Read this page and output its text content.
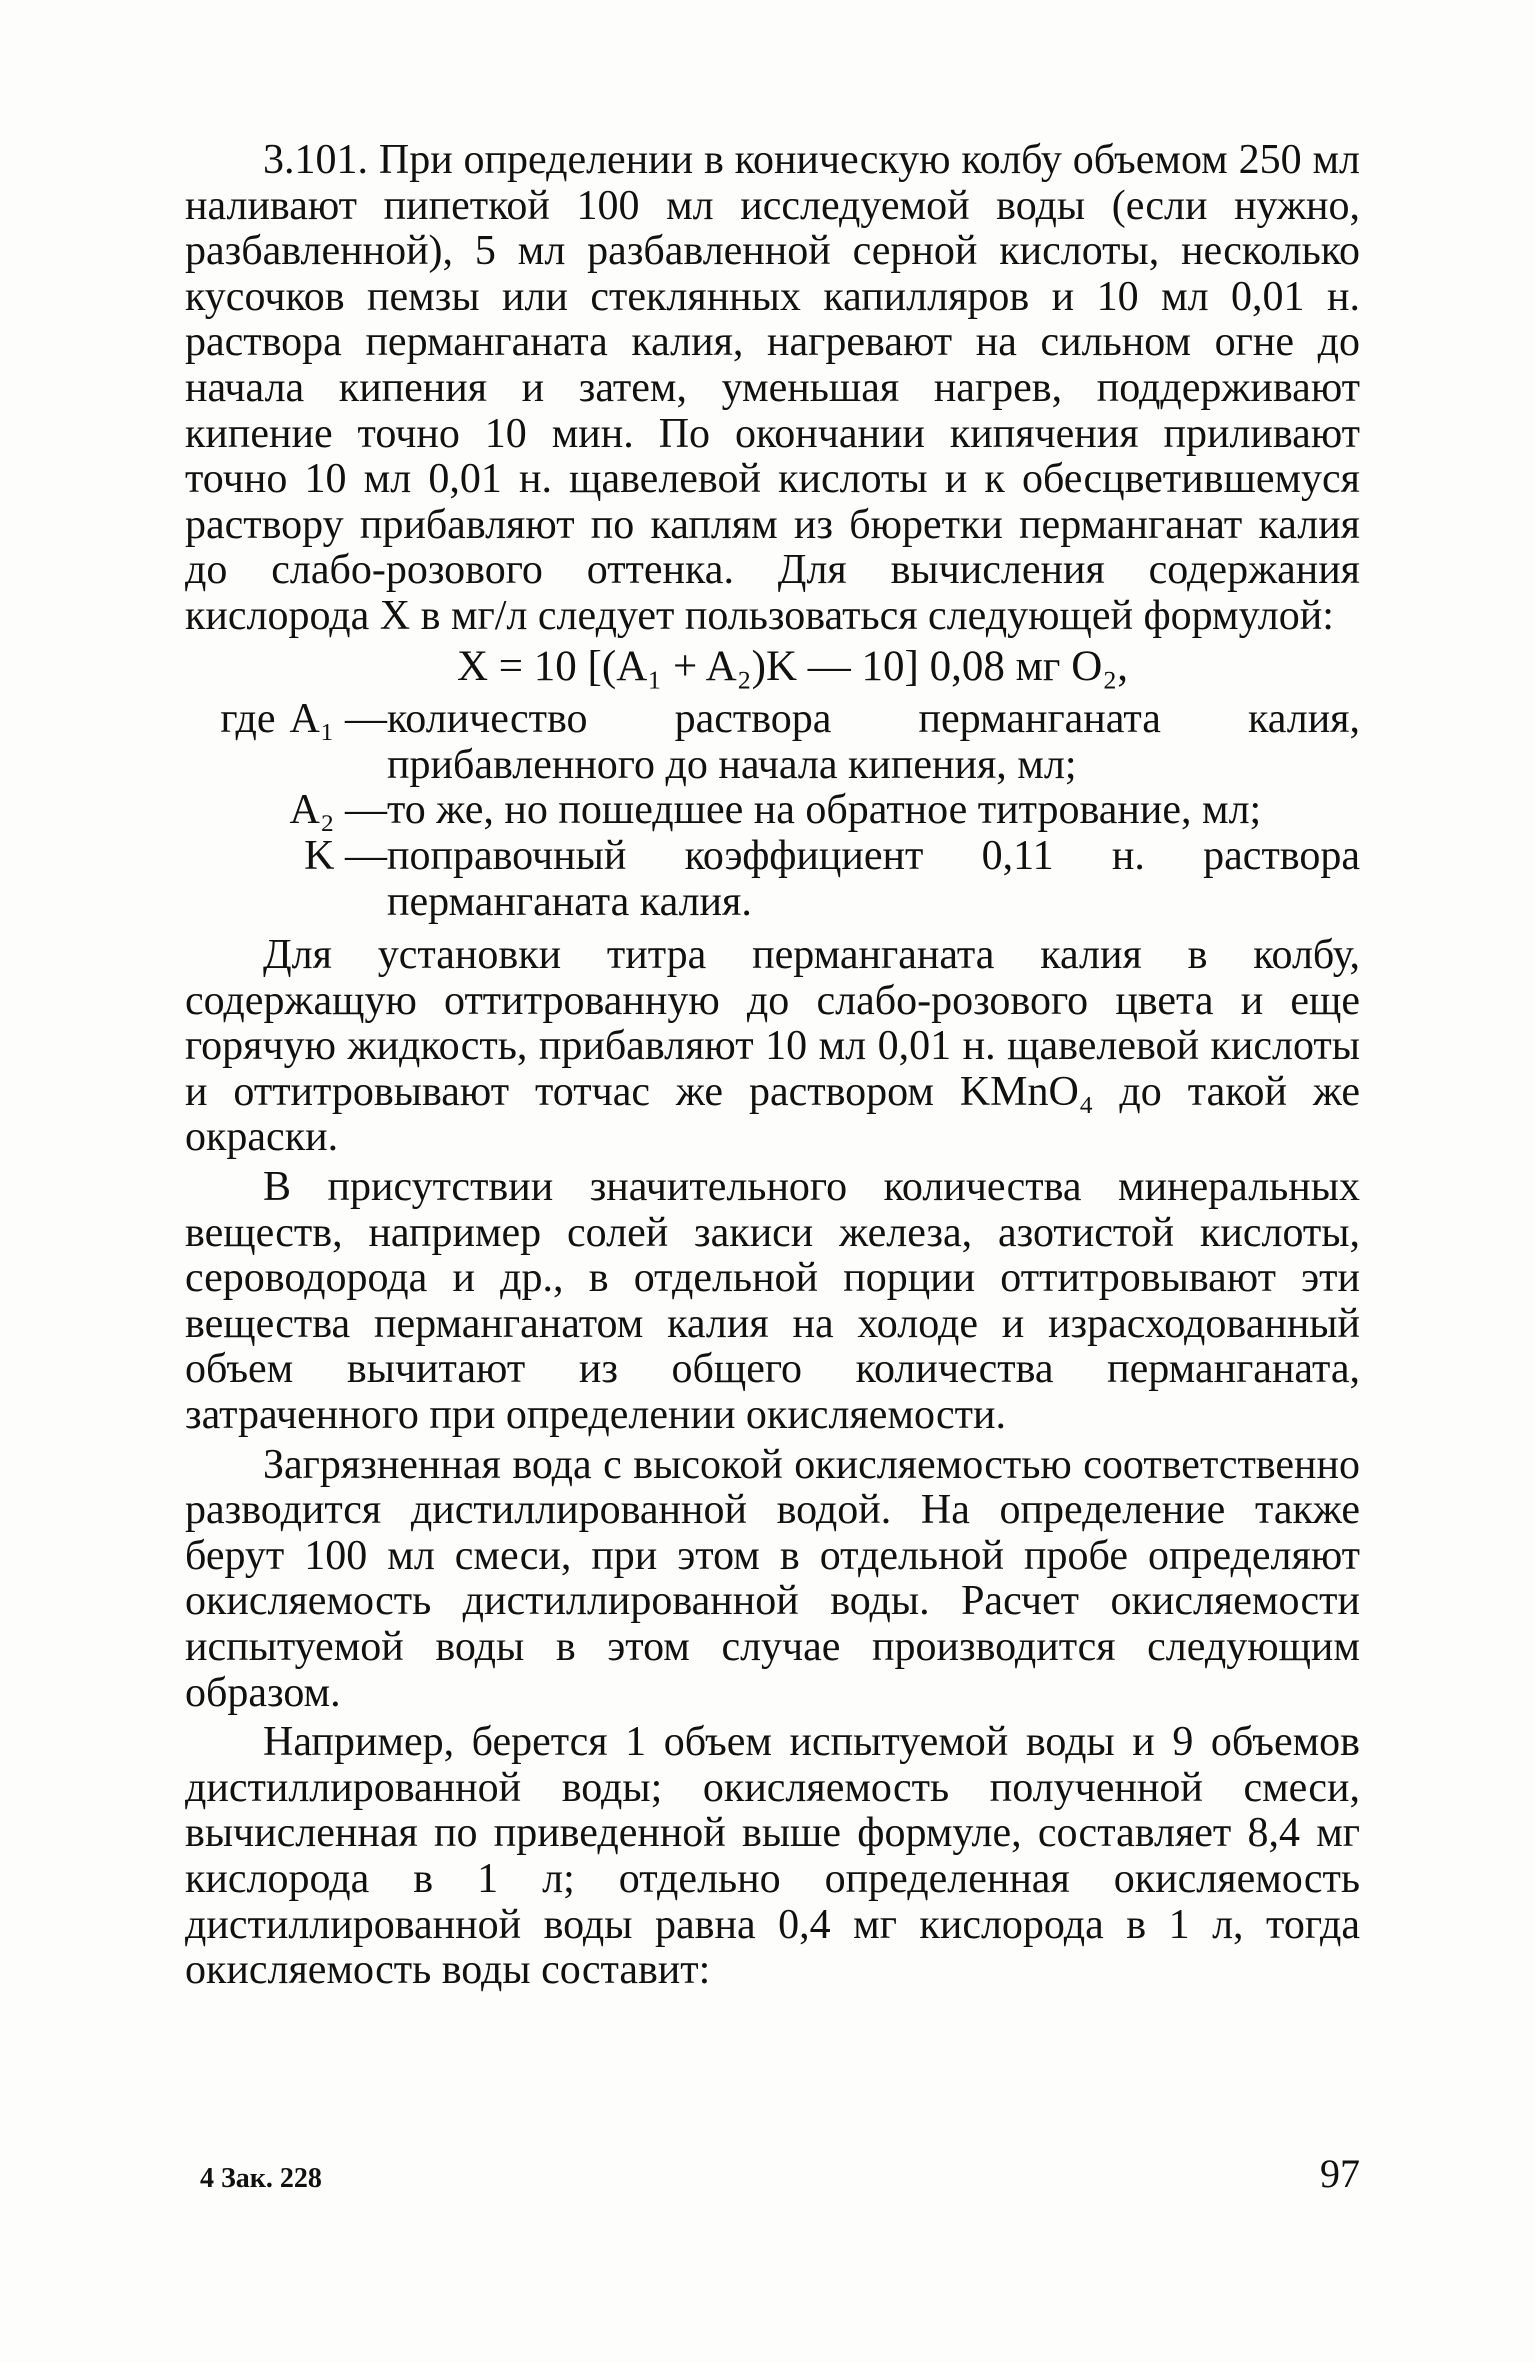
3.101. При определении в коническую колбу объемом 250 мл наливают пипеткой 100 мл исследуемой воды (если нужно, разбавленной), 5 мл разбавленной серной кислоты, несколько кусочков пемзы или стеклянных капилляров и 10 мл 0,01 н. раствора перманганата калия, нагревают на сильном огне до начала кипения и затем, уменьшая нагрев, поддерживают кипение точно 10 мин. По окончании кипячения приливают точно 10 мл 0,01 н. щавелевой кислоты и к обесцветившемуся раствору прибавляют по каплям из бюретки перманганат калия до слабо-розового оттенка. Для вычисления содержания кислорода X в мг/л следует пользоваться следующей формулой:

X = 10 [(A₁ + A₂)K — 10] 0,08 мг O₂,
где A₁ — количество раствора перманганата калия, прибавленного до начала кипения, мл;
A₂ — то же, но пошедшее на обратное титрование, мл;
K — поправочный коэффициент 0,11 н. раствора перманганата калия.

Для установки титра перманганата калия в колбу, содержащую оттитрованную до слабо-розового цвета и еще горячую жидкость, прибавляют 10 мл 0,01 н. щавелевой кислоты и оттитровывают тотчас же раствором KMnO₄ до такой же окраски.

В присутствии значительного количества минеральных веществ, например солей закиси железа, азотистой кислоты, сероводорода и др., в отдельной порции оттитровывают эти вещества перманганатом калия на холоде и израсходованный объем вычитают из общего количества перманганата, затраченного при определении окисляемости.

Загрязненная вода с высокой окисляемостью соответственно разводится дистиллированной водой. На определение также берут 100 мл смеси, при этом в отдельной пробе определяют окисляемость дистиллированной воды. Расчет окисляемости испытуемой воды в этом случае производится следующим образом.

Например, берется 1 объем испытуемой воды и 9 объемов дистиллированной воды; окисляемость полученной смеси, вычисленная по приведенной выше формуле, составляет 8,4 мг кислорода в 1 л; отдельно определенная окисляемость дистиллированной воды равна 0,4 мг кислорода в 1 л, тогда окисляемость воды составит:

4 Зак. 228	97
